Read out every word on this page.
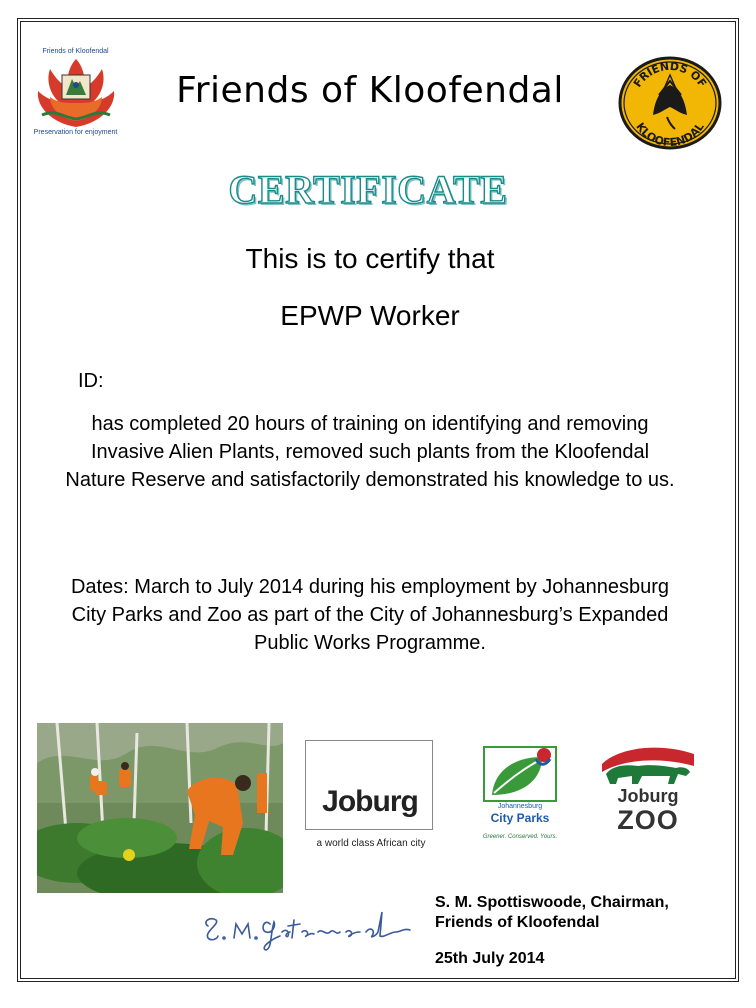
Friends of Kloofendal
Preservation for enjoyment
Friends of Kloofendal	FRIENDS OF
KLOOFENDAL
CERTIFICATE
This is to certify that
EPWP Worker
ID:

has completed 20 hours of training on identifying and removing Invasive Alien Plants, removed such plants from the Kloofendal Nature Reserve and satisfactorily demonstrated his knowledge to us.

Dates: March to July 2014 during his employment by Johannesburg City Parks and Zoo as part of the City of Johannesburg’s Expanded Public Works Programme.

Joburg
a world class African city
Johannesburg
City Parks
Greener. Conserved. Yours.
Joburg
ZOO
S. M. Spottiswoode, Chairman,
Friends of Kloofendal
25th July 2014
